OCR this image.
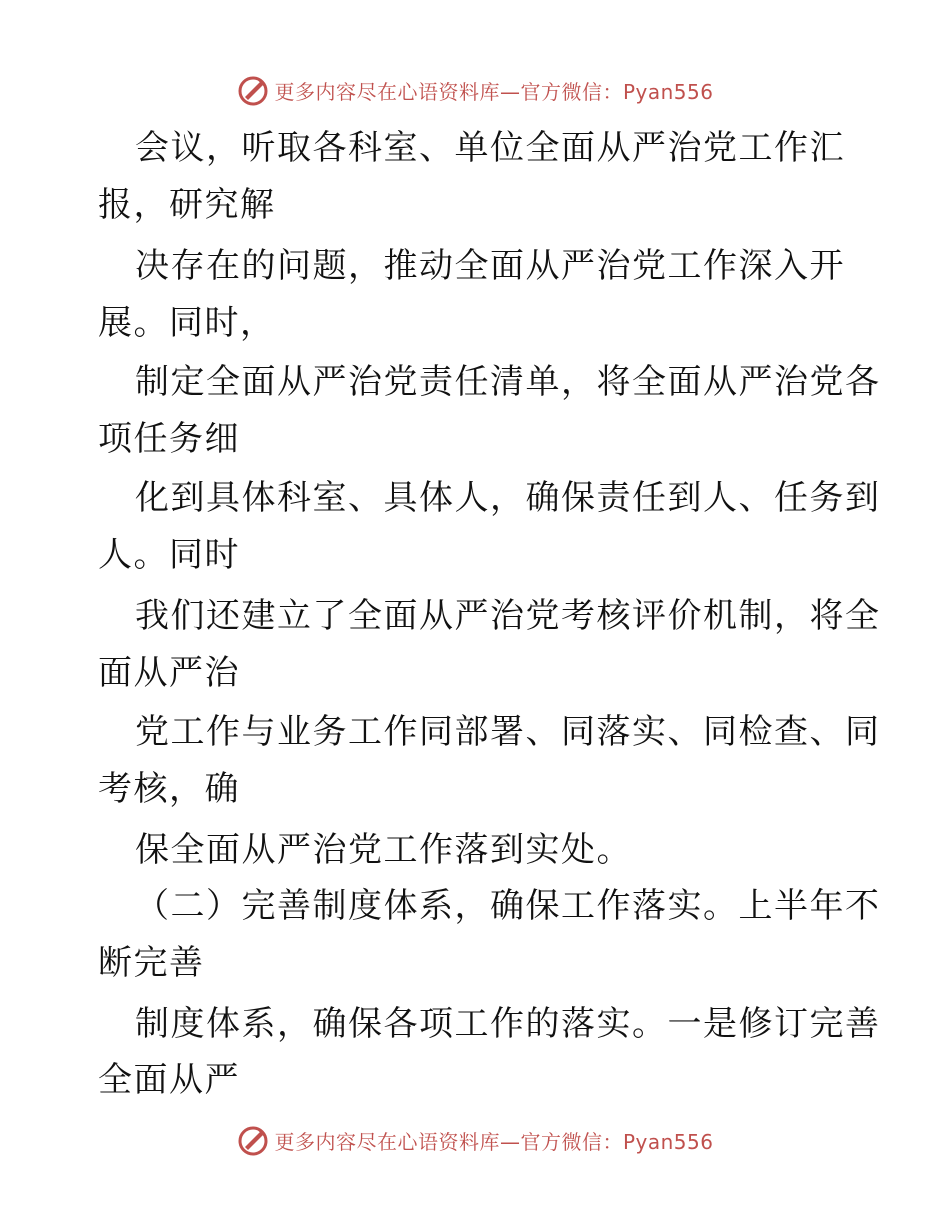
更多内容尽在心语资料库—官方微信：Pyan556
会议，听取各科室、单位全面从严治党工作汇
报，研究解
决存在的问题，推动全面从严治党工作深入开
展。同时，
制定全面从严治党责任清单，将全面从严治党各
项任务细
化到具体科室、具体人，确保责任到人、任务到
人。同时
我们还建立了全面从严治党考核评价机制，将全
面从严治
党工作与业务工作同部署、同落实、同检查、同
考核，确
保全面从严治党工作落到实处。
（二）完善制度体系，确保工作落实。上半年不
断完善
制度体系，确保各项工作的落实。一是修订完善
全面从严
更多内容尽在心语资料库—官方微信：Pyan556
